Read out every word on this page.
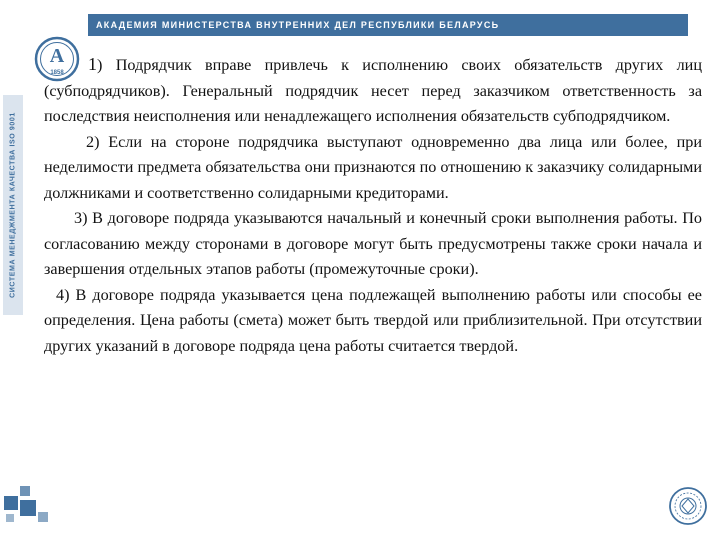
АКАДЕМИЯ МИНИСТЕРСТВА ВНУТРЕННИХ ДЕЛ РЕСПУБЛИКИ БЕЛАРУСЬ
СИСТЕМА МЕНЕДЖМЕНТА КАЧЕСТВА ISO 9001
А
1858	1) Подрядчик вправе привлечь к исполнению своих обязательств других лиц (субподрядчиков). Генеральный подрядчик несет перед заказчиком ответственность за последствия неисполнения или ненадлежащего исполнения обязательств субподрядчиком.

2) Если на стороне подрядчика выступают одновременно два лица или более, при неделимости предмета обязательства они признаются по отношению к заказчику солидарными должниками и соответственно солидарными кредиторами.

3) В договоре подряда указываются начальный и конечный сроки выполнения работы. По согласованию между сторонами в договоре могут быть предусмотрены также сроки начала и завершения отдельных этапов работы (промежуточные сроки).

4) В договоре подряда указывается цена подлежащей выполнению работы или способы ее определения. Цена работы (смета) может быть твердой или приблизительной. При отсутствии других указаний в договоре подряда цена работы считается твердой.
